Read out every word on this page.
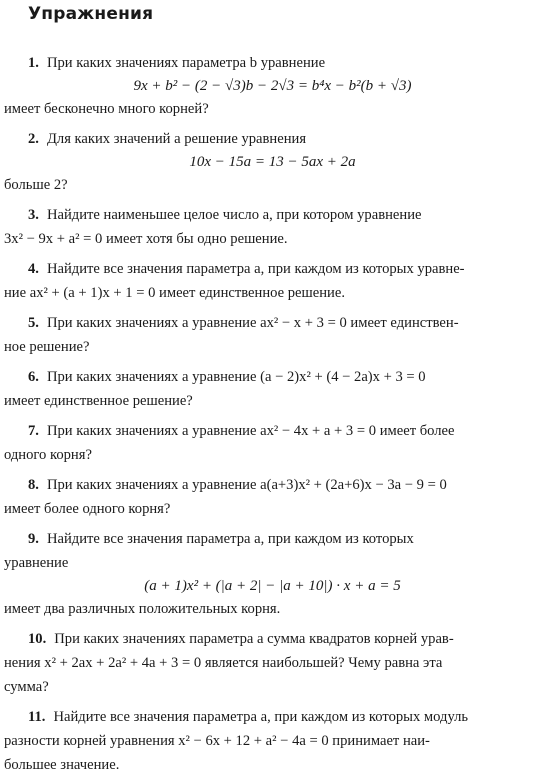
Упражнения

1. При каких значениях параметра b уравнение

9x + b² − (2 − √3)b − 2√3 = b⁴x − b²(b + √3)

имеет бесконечно много корней?

2. Для каких значений a решение уравнения

10x − 15a = 13 − 5ax + 2a

больше 2?

3. Найдите наименьшее целое число a, при котором уравнение

3x² − 9x + a² = 0 имеет хотя бы одно решение.

4. Найдите все значения параметра a, при каждом из которых уравне-

ние ax² + (a + 1)x + 1 = 0 имеет единственное решение.

5. При каких значениях a уравнение ax² − x + 3 = 0 имеет единствен-

ное решение?

6. При каких значениях a уравнение (a − 2)x² + (4 − 2a)x + 3 = 0

имеет единственное решение?

7. При каких значениях a уравнение ax² − 4x + a + 3 = 0 имеет более

одного корня?

8. При каких значениях a уравнение a(a+3)x² + (2a+6)x − 3a − 9 = 0

имеет более одного корня?

9. Найдите все значения параметра a, при каждом из которых

уравнение

(a + 1)x² + (|a + 2| − |a + 10|) · x + a = 5

имеет два различных положительных корня.

10. При каких значениях параметра a сумма квадратов корней урав-

нения x² + 2ax + 2a² + 4a + 3 = 0 является наибольшей? Чему равна эта

сумма?

11. Найдите все значения параметра a, при каждом из которых модуль

разности корней уравнения x² − 6x + 12 + a² − 4a = 0 принимает наи-

большее значение.
